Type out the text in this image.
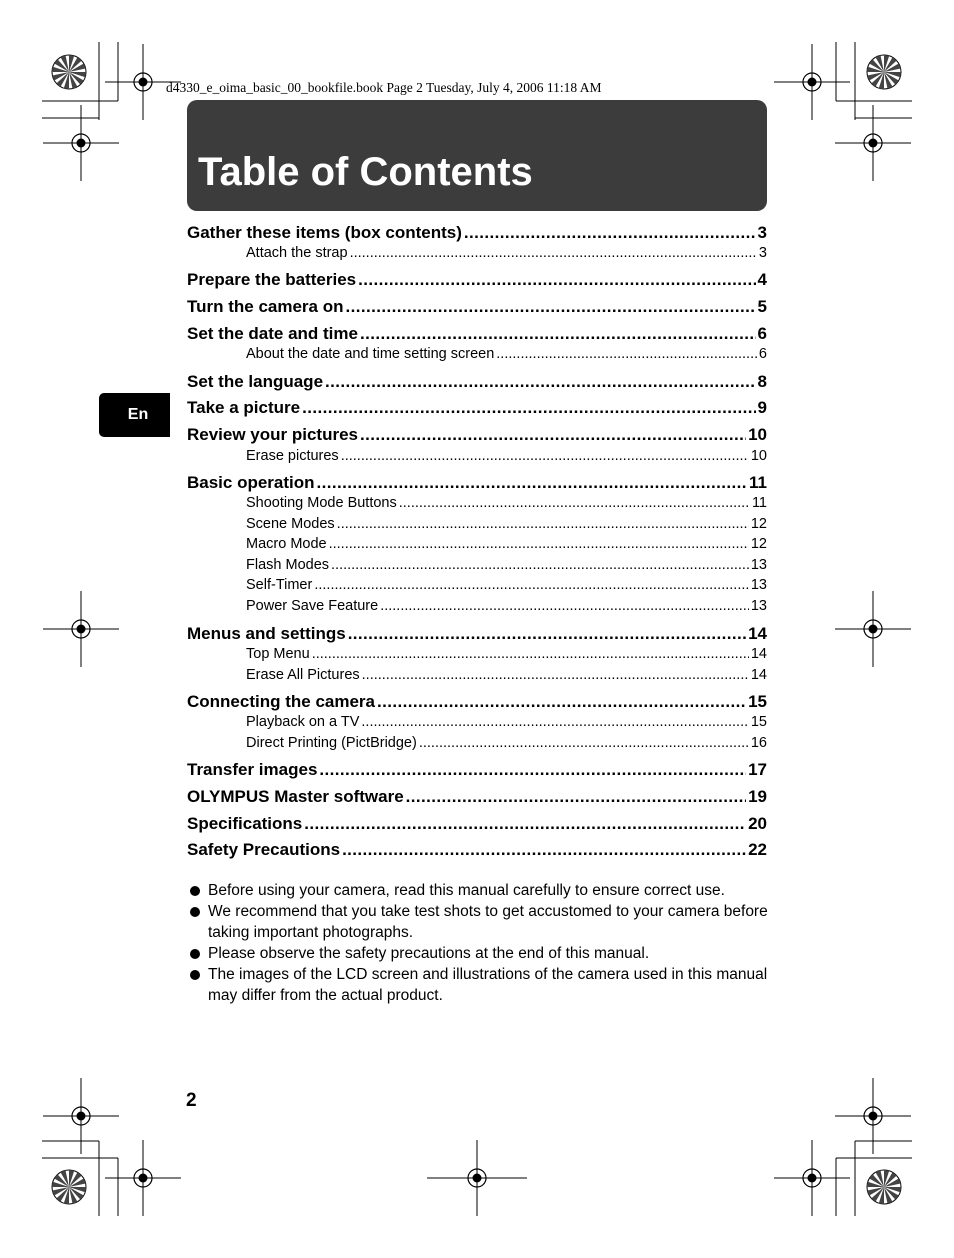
d4330_e_oima_basic_00_bookfile.book Page 2 Tuesday, July 4, 2006 11:18 AM
Table of Contents
En
Gather these items (box contents) .....	3
Attach the strap .....	3
Prepare the batteries .....	4
Turn the camera on .....	5
Set the date and time .....	6
About the date and time setting screen .....	6
Set the language .....	8
Take a picture .....	9
Review your pictures .....	10
Erase pictures .....	10
Basic operation .....	11
Shooting Mode Buttons .....	11
Scene Modes .....	12
Macro Mode .....	12
Flash Modes .....	13
Self-Timer .....	13
Power Save Feature .....	13
Menus and settings .....	14
Top Menu .....	14
Erase All Pictures .....	14
Connecting the camera .....	15
Playback on a TV .....	15
Direct Printing (PictBridge) .....	16
Transfer images .....	17
OLYMPUS Master software .....	19
Specifications .....	20
Safety Precautions .....	22
Before using your camera, read this manual carefully to ensure correct use.
We recommend that you take test shots to get accustomed to your camera before taking important photographs.
Please observe the safety precautions at the end of this manual.
The images of the LCD screen and illustrations of the camera used in this manual may differ from the actual product.
2
